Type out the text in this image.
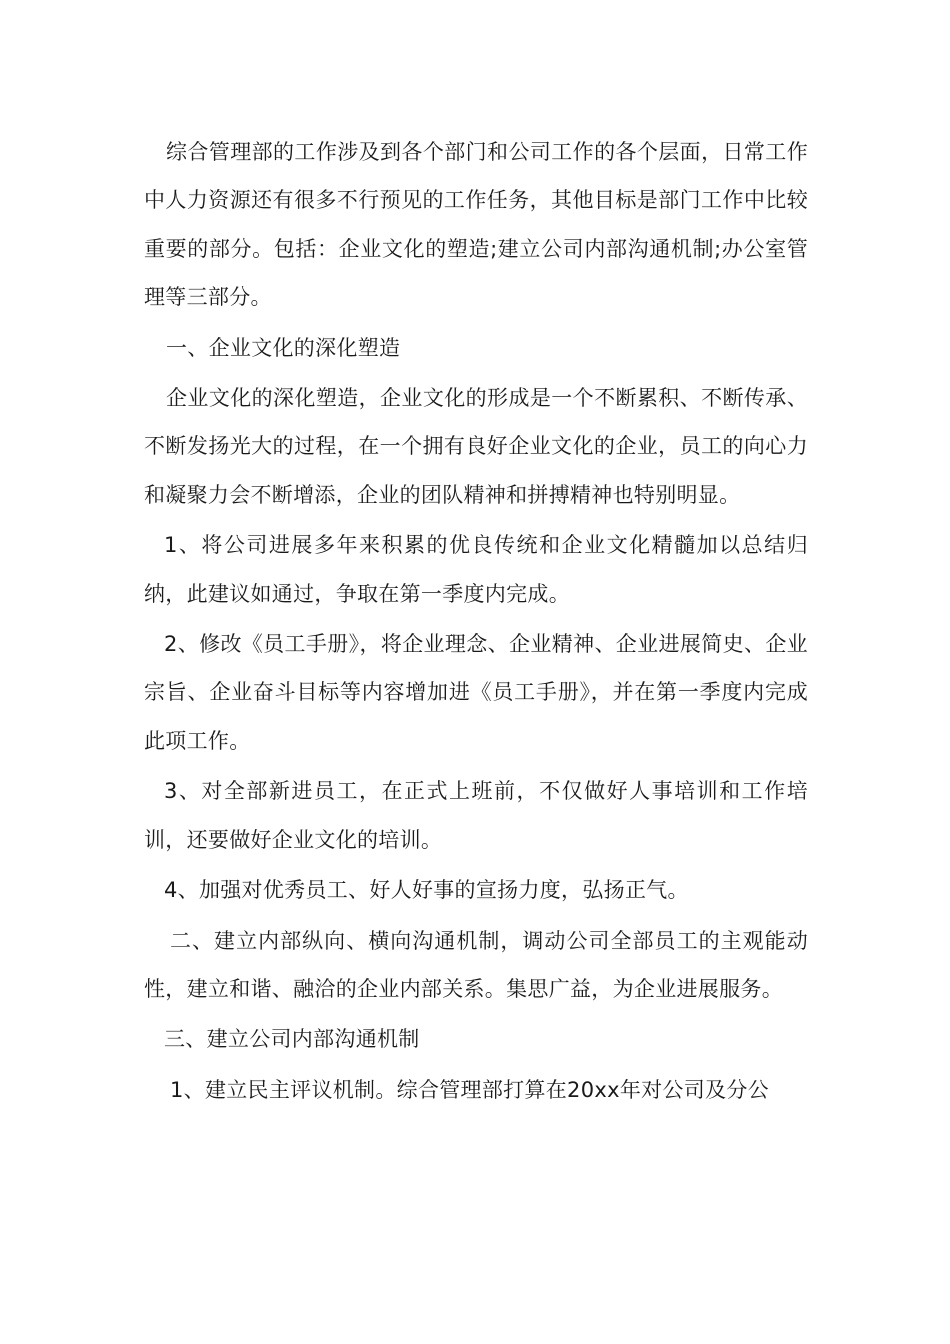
综合管理部的工作涉及到各个部门和公司工作的各个层面，日常工作中人力资源还有很多不行预见的工作任务，其他目标是部门工作中比较重要的部分。包括：企业文化的塑造;建立公司内部沟通机制;办公室管理等三部分。

一、企业文化的深化塑造

企业文化的深化塑造，企业文化的形成是一个不断累积、不断传承、不断发扬光大的过程，在一个拥有良好企业文化的企业，员工的向心力和凝聚力会不断增添，企业的团队精神和拼搏精神也特别明显。

1、将公司进展多年来积累的优良传统和企业文化精髓加以总结归纳，此建议如通过，争取在第一季度内完成。

2、修改《员工手册》，将企业理念、企业精神、企业进展简史、企业宗旨、企业奋斗目标等内容增加进《员工手册》，并在第一季度内完成此项工作。

3、对全部新进员工，在正式上班前，不仅做好人事培训和工作培训，还要做好企业文化的培训。

4、加强对优秀员工、好人好事的宣扬力度，弘扬正气。

二、建立内部纵向、横向沟通机制，调动公司全部员工的主观能动性，建立和谐、融洽的企业内部关系。集思广益，为企业进展服务。

三、建立公司内部沟通机制

1、建立民主评议机制。综合管理部打算在20xx年对公司及分公
